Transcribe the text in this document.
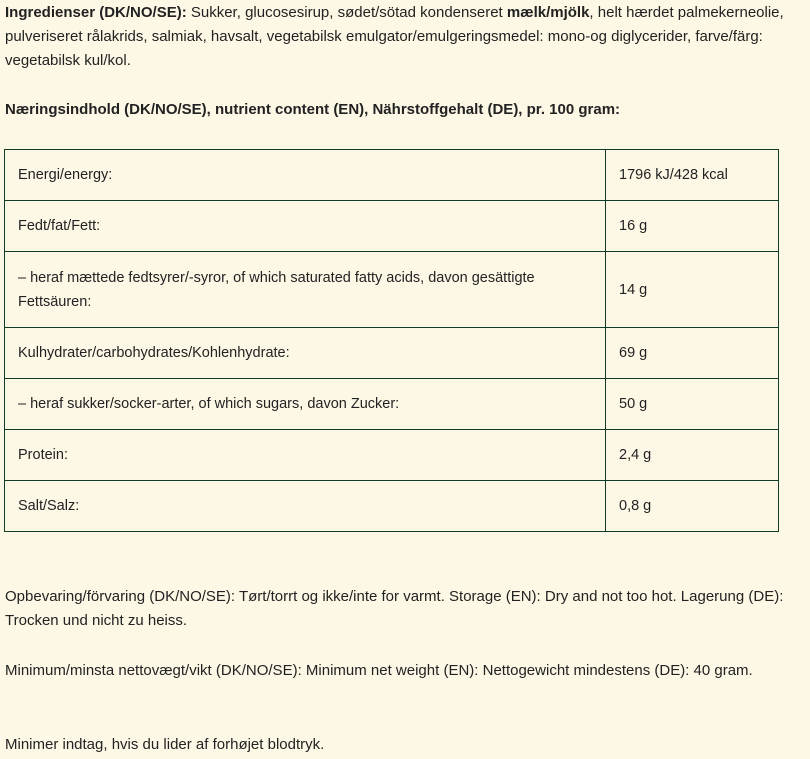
Ingredienser (DK/NO/SE): Sukker, glucosesirup, sødet/sötad kondenseret mælk/mjölk, helt hærdet palmekerneolie, pulveriseret rålakrids, salmiak, havsalt, vegetabilsk emulgator/emulgeringsmedel: mono-og diglycerider, farve/färg: vegetabilsk kul/kol.

Næringsindhold (DK/NO/SE), nutrient content (EN), Nährstoffgehalt (DE), pr. 100 gram:

Energi/energy:	1796 kJ/428 kcal
Fedt/fat/Fett:	16 g
– heraf mættede fedtsyrer/-syror, of which saturated fatty acids, davon gesättigte Fettsäuren:	14 g
Kulhydrater/carbohydrates/Kohlenhydrate:	69 g
– heraf sukker/socker-arter, of which sugars, davon Zucker:	50 g
Protein:	2,4 g
Salt/Salz:	0,8 g

Opbevaring/förvaring (DK/NO/SE): Tørt/torrt og ikke/inte for varmt. Storage (EN): Dry and not too hot. Lagerung (DE): Trocken und nicht zu heiss.

Minimum/minsta nettovægt/vikt (DK/NO/SE): Minimum net weight (EN): Nettogewicht mindestens (DE): 40 gram.

Minimer indtag, hvis du lider af forhøjet blodtryk.
